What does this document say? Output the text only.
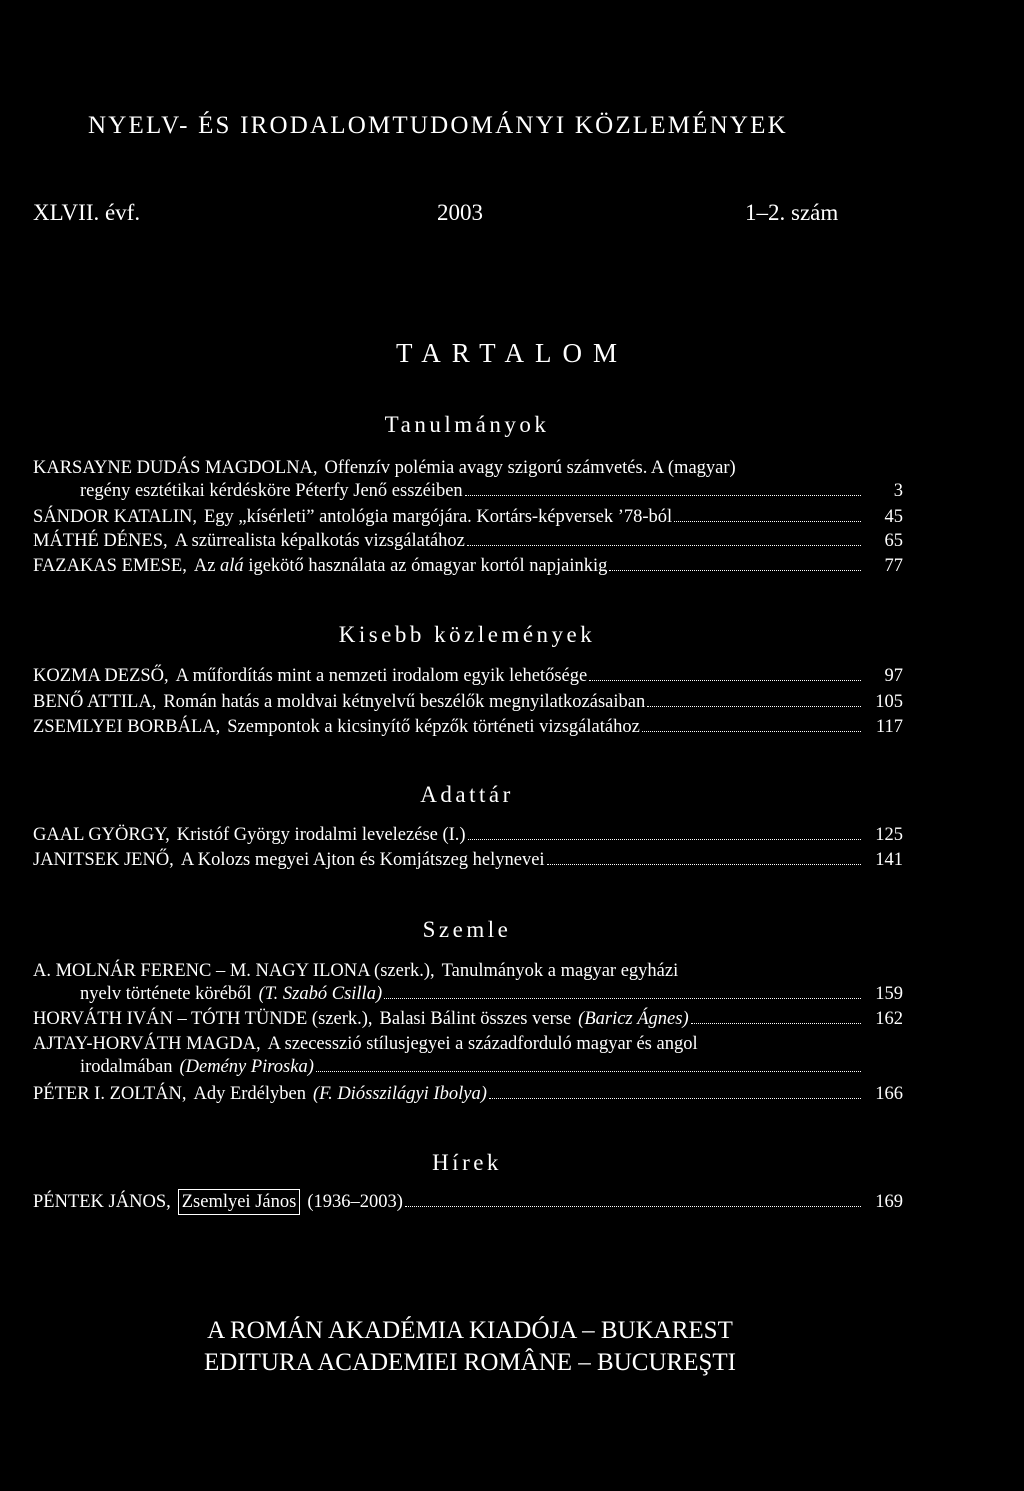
NYELV- ÉS IRODALOMTUDOMÁNYI KÖZLEMÉNYEK
XLVII. évf.	2003	1–2. szám
TARTALOM
Tanulmányok
KARSAYNE DUDÁS MAGDOLNA, Offenzív polémia avagy szigorú számvetés. A (magyar)
regény esztétikai kérdésköre Péterfy Jenő esszéiben	3
SÁNDOR KATALIN, Egy „kísérleti” antológia margójára. Kortárs-képversek ’78-ból	45
MÁTHÉ DÉNES, A szürrealista képalkotás vizsgálatához	65
FAZAKAS EMESE, Az alá igekötő használata az ómagyar kortól napjainkig	77
Kisebb közlemények
KOZMA DEZSŐ, A műfordítás mint a nemzeti irodalom egyik lehetősége	97
BENŐ ATTILA, Román hatás a moldvai kétnyelvű beszélők megnyilatkozásaiban	105
ZSEMLYEI BORBÁLA, Szempontok a kicsinyítő képzők történeti vizsgálatához	117
Adattár
GAAL GYÖRGY, Kristóf György irodalmi levelezése (I.)	125
JANITSEK JENŐ, A Kolozs megyei Ajton és Komjátszeg helynevei	141
Szemle
A. MOLNÁR FERENC – M. NAGY ILONA (szerk.), Tanulmányok a magyar egyházi
nyelv története köréből (T. Szabó Csilla)	159
HORVÁTH IVÁN – TÓTH TÜNDE (szerk.), Balasi Bálint összes verse (Baricz Ágnes)	162
AJTAY-HORVÁTH MAGDA, A szecesszió stílusjegyei a századforduló magyar és angol
irodalmában (Demény Piroska)
PÉTER I. ZOLTÁN, Ady Erdélyben (F. Diósszilágyi Ibolya)	166
Hírek
PÉNTEK JÁNOS, Zsemlyei János (1936–2003)	169
A ROMÁN AKADÉMIA KIADÓJA – BUKAREST
EDITURA ACADEMIEI ROMÂNE – BUCUREŞTI
